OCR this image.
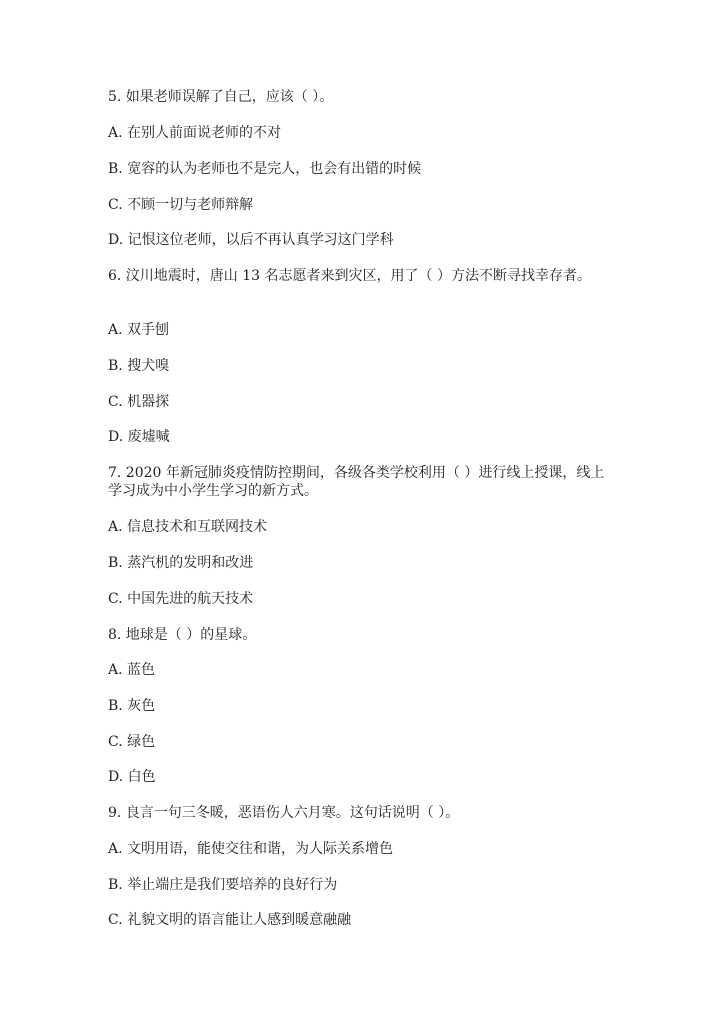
5. 如果老师误解了自己，应该（ ）。
A. 在别人前面说老师的不对
B. 宽容的认为老师也不是完人，也会有出错的时候
C. 不顾一切与老师辩解
D. 记恨这位老师，以后不再认真学习这门学科
6. 汶川地震时，唐山 13 名志愿者来到灾区，用了（ ）方法不断寻找幸存者。
A. 双手刨
B. 搜犬嗅
C. 机器探
D. 废墟喊
7. 2020 年新冠肺炎疫情防控期间，各级各类学校利用（ ）进行线上授课，线上学习成为中小学生学习的新方式。
A. 信息技术和互联网技术
B. 蒸汽机的发明和改进
C. 中国先进的航天技术
8. 地球是（ ）的星球。
A. 蓝色
B. 灰色
C. 绿色
D. 白色
9. 良言一句三冬暖，恶语伤人六月寒。这句话说明（ ）。
A. 文明用语，能使交往和谐，为人际关系增色
B. 举止端庄是我们要培养的良好行为
C. 礼貌文明的语言能让人感到暖意融融
